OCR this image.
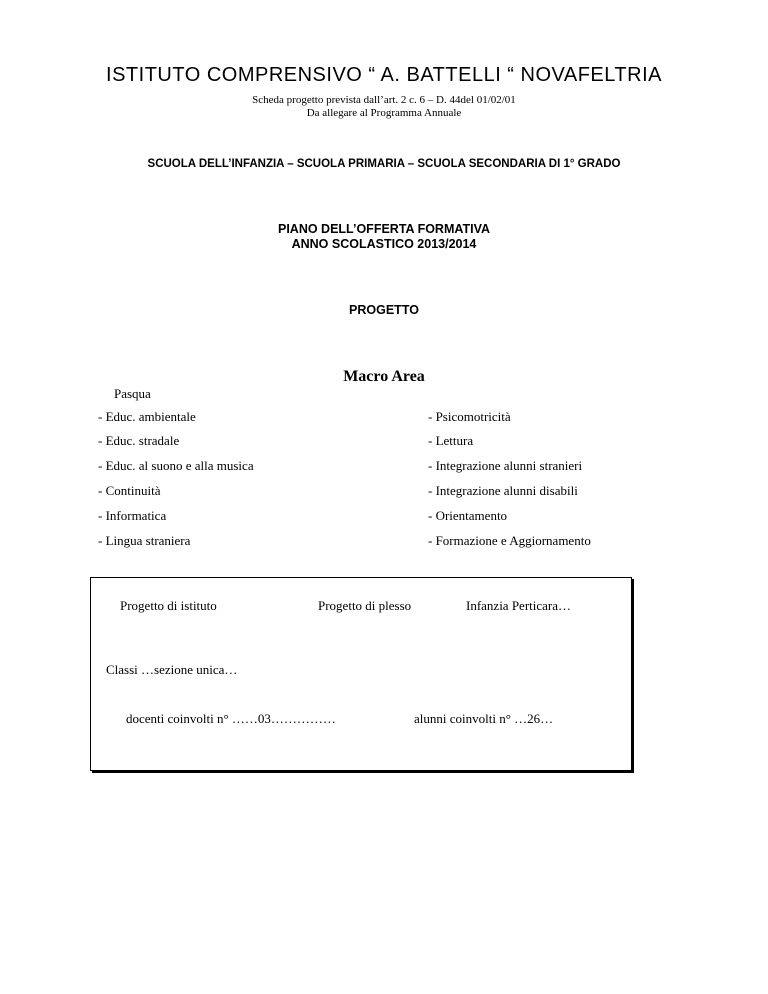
ISTITUTO COMPRENSIVO “ A. BATTELLI “ NOVAFELTRIA
Scheda progetto prevista dall’art. 2 c. 6 – D. 44del 01/02/01
Da allegare al Programma Annuale
SCUOLA DELL’INFANZIA – SCUOLA PRIMARIA – SCUOLA SECONDARIA DI 1° GRADO
PIANO DELL’OFFERTA FORMATIVA
ANNO SCOLASTICO 2013/2014
PROGETTO
Macro Area
Pasqua
- Educ. ambientale
- Educ. stradale
- Educ. al suono e alla musica
- Continuità
- Informatica
- Lingua straniera
- Psicomotricità
- Lettura
- Integrazione alunni stranieri
- Integrazione alunni disabili
- Orientamento
- Formazione e Aggiornamento
Progetto di istituto	Progetto di plesso	Infanzia Perticara…
Classi …sezione unica…
docenti coinvolti n° ……03……………	alunni coinvolti n° …26…
